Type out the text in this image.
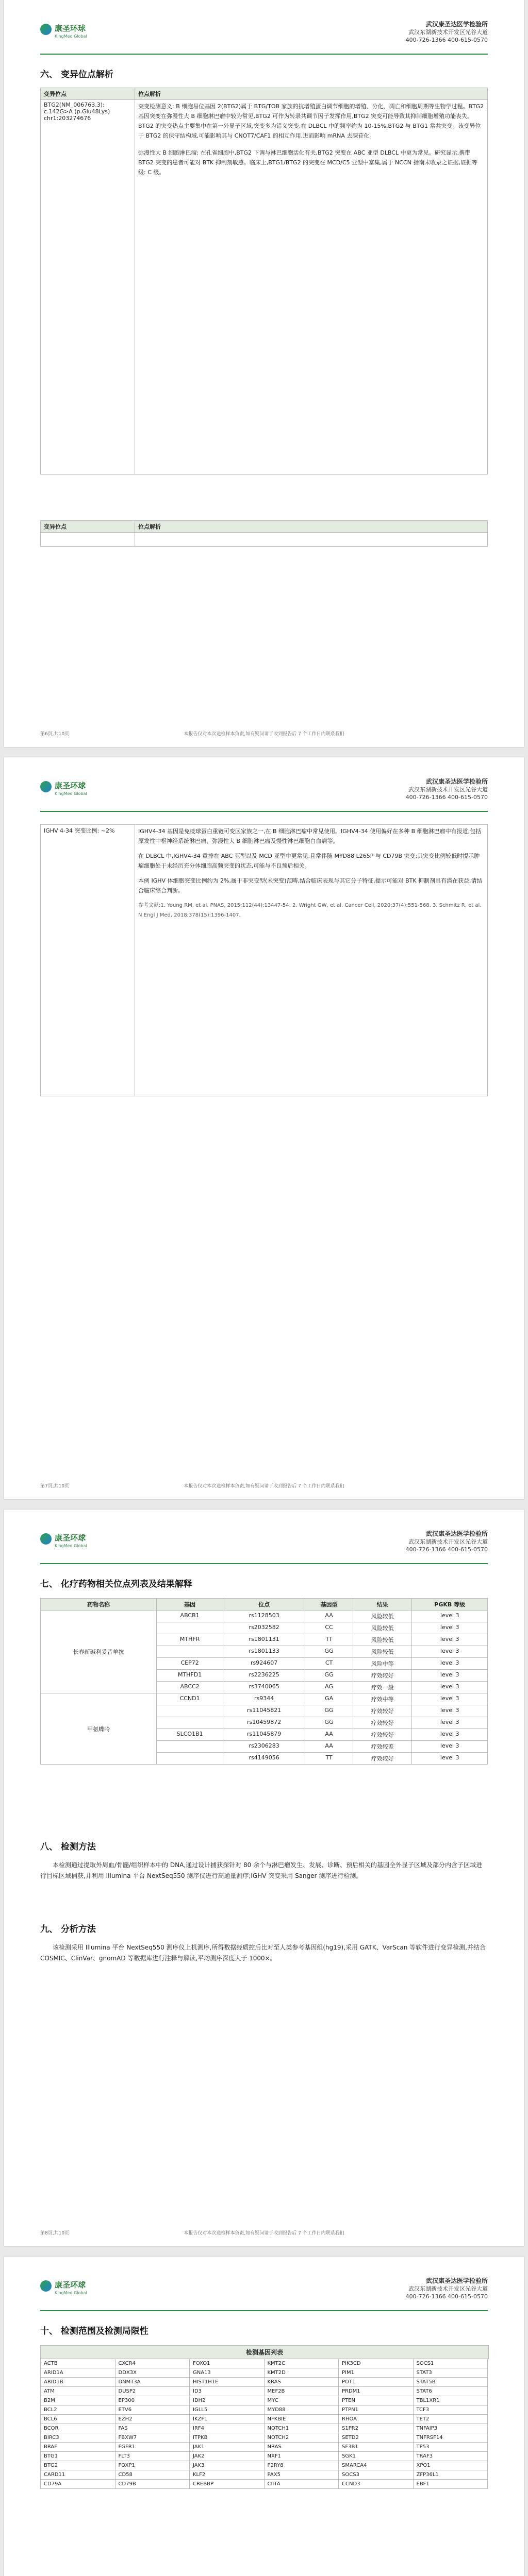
康圣环球
KingMed Global
武汉康圣达医学检验所
武汉东湖新技术开发区光谷大道
400-726-1366 400-615-0570
六、 变异位点解析
变异位点	位点解析
BTG2(NM_006763.3): c.142G>A (p.Glu48Lys) chr1:203274676	突变检测意义: B 细胞易位基因 2(BTG2)属于 BTG/TOB 家族的抗增殖蛋白调节细胞的增殖、分化、凋亡和细胞周期等生物学过程。BTG2 基因突变在弥漫性大 B 细胞淋巴瘤中较为常见,BTG2 可作为转录共调节因子发挥作用,BTG2 突变可能导致其抑制细胞增殖功能丧失。BTG2 的突变热点主要集中在第一外显子区域,突变多为错义突变,在 DLBCL 中的频率约为 10-15%,BTG2 与 BTG1 常共突变。该变异位于 BTG2 的保守结构域,可能影响其与 CNOT7/CAF1 的相互作用,进而影响 mRNA 去腺苷化。
弥漫性大 B 细胞淋巴瘤: 在孔雀细胞中,BTG2 下调与淋巴细胞活化有关,BTG2 突变在 ABC 亚型 DLBCL 中更为常见。研究显示,携带 BTG2 突变的患者可能对 BTK 抑制剂敏感。临床上,BTG1/BTG2 的突变在 MCD/C5 亚型中富集,属于 NCCN 指南未收录之证据,证据等级: C 级。
变异位点	位点解析

第6页,共10页	本报告仅对本次送检样本负责,如有疑问请于收到报告后 7 个工作日内联系我们
康圣环球
KingMed Global
武汉康圣达医学检验所
武汉东湖新技术开发区光谷大道
400-726-1366 400-615-0570
IGHV 4-34 突变比例: ~2%	IGHV4-34 基因是免疫球蛋白重链可变区家族之一,在 B 细胞淋巴瘤中常见使用。IGHV4-34 使用偏好在多种 B 细胞淋巴瘤中有报道,包括原发性中枢神经系统淋巴瘤、弥漫性大 B 细胞淋巴瘤及慢性淋巴细胞白血病等。

在 DLBCL 中,IGHV4-34 重排在 ABC 亚型以及 MCD 亚型中更常见,且常伴随 MYD88 L265P 与 CD79B 突变;其突变比例较低时提示肿瘤细胞处于未经历充分体细胞高频突变的状态,可能与不良预后相关。

本例 IGHV 体细胞突变比例约为 2%,属于非突变型(未突变)范畴,结合临床表现与其它分子特征,提示可能对 BTK 抑制剂具有潜在获益,请结合临床综合判断。

参考文献:1. Young RM, et al. PNAS, 2015;112(44):13447-54. 2. Wright GW, et al. Cancer Cell, 2020;37(4):551-568. 3. Schmitz R, et al. N Engl J Med, 2018;378(15):1396-1407.

第7页,共10页	本报告仅对本次送检样本负责,如有疑问请于收到报告后 7 个工作日内联系我们
康圣环球
KingMed Global
武汉康圣达医学检验所
武汉东湖新技术开发区光谷大道
400-726-1366 400-615-0570
七、 化疗药物相关位点列表及结果解释
药物名称	基因	位点	基因型	结果	PGKB 等级
长春新碱利妥昔单抗	ABCB1	rs1128503	AA	风险较低	level 3
		rs2032582	CC	风险较低	level 3
	MTHFR	rs1801131	TT	风险较低	level 3
		rs1801133	GG	风险较低	level 3
	CEP72	rs924607	CT	风险中等	level 3
	MTHFD1	rs2236225	GG	疗效较好	level 3
	ABCC2	rs3740065	AG	疗效一般	level 3
甲氨蝶呤	CCND1	rs9344	GA	疗效中等	level 3
		rs11045821	GG	疗效较好	level 3
		rs10459872	GG	疗效较好	level 3
	SLCO1B1	rs11045879	AA	疗效较好	level 3
		rs2306283	AA	疗效较差	level 3
		rs4149056	TT	疗效较好	level 3
八、 检测方法
本检测通过提取外周血/骨髓/组织样本中的 DNA,通过设计捕获探针对 80 余个与淋巴瘤发生、发展、诊断、预后相关的基因全外显子区域及部分内含子区域进行目标区域捕获,并利用 Illumina 平台 NextSeq550 测序仪进行高通量测序;IGHV 突变采用 Sanger 测序进行检测。
九、 分析方法
该检测采用 Illumina 平台 NextSeq550 测序仪上机测序,所得数据经质控后比对至人类参考基因组(hg19),采用 GATK、VarScan 等软件进行变异检测,并结合 COSMIC、ClinVar、gnomAD 等数据库进行注释与解读,平均测序深度大于 1000×。
第8页,共10页	本报告仅对本次送检样本负责,如有疑问请于收到报告后 7 个工作日内联系我们
康圣环球
KingMed Global
武汉康圣达医学检验所
武汉东湖新技术开发区光谷大道
400-726-1366 400-615-0570
十、 检测范围及检测局限性
检测基因列表
ACTB	CXCR4	FOXO1	KMT2C	PIK3CD	SOCS1
ARID1A	DDX3X	GNA13	KMT2D	PIM1	STAT3
ARID1B	DNMT3A	HIST1H1E	KRAS	POT1	STAT5B
ATM	DUSP2	ID3	MEF2B	PRDM1	STAT6
B2M	EP300	IDH2	MYC	PTEN	TBL1XR1
BCL2	ETV6	IGLL5	MYD88	PTPN1	TCF3
BCL6	EZH2	IKZF1	NFKBIE	RHOA	TET2
BCOR	FAS	IRF4	NOTCH1	S1PR2	TNFAIP3
BIRC3	FBXW7	ITPKB	NOTCH2	SETD2	TNFRSF14
BRAF	FGFR1	JAK1	NRAS	SF3B1	TP53
BTG1	FLT3	JAK2	NXF1	SGK1	TRAF3
BTG2	FOXP1	JAK3	P2RY8	SMARCA4	XPO1
CARD11	CD58	KLF2	PAX5	SOCS3	ZFP36L1
CD79A	CD79B	CREBBP	CIITA	CCND3	EBF1
